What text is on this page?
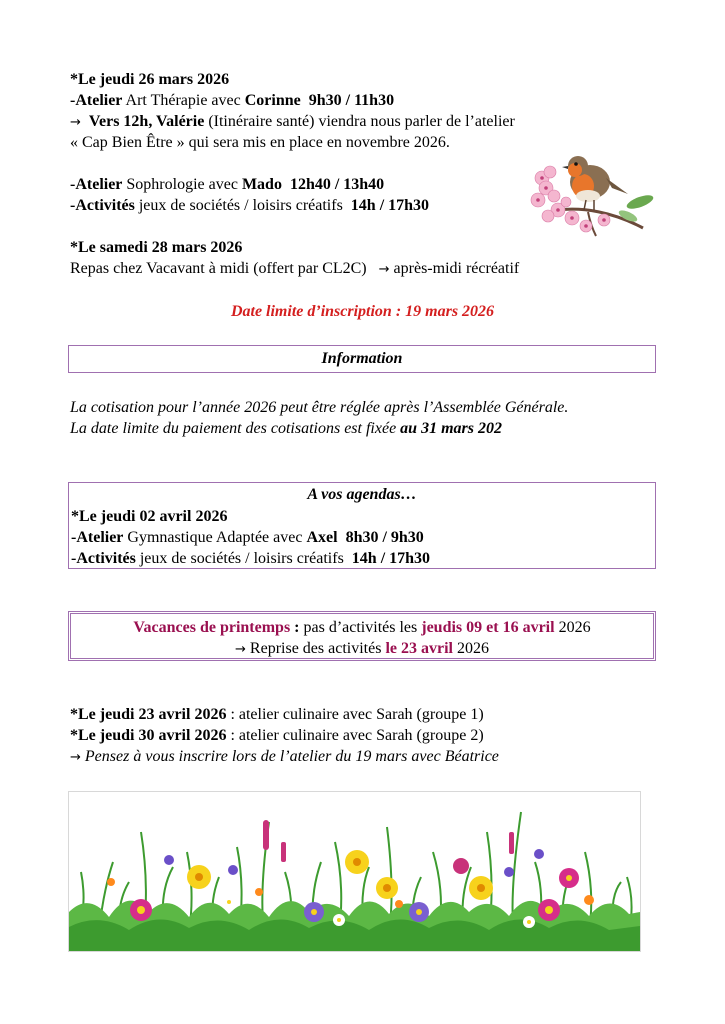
*Le jeudi 26 mars 2026
-Atelier Art Thérapie avec Corinne 9h30 / 11h30
→ Vers 12h, Valérie (Itinéraire santé) viendra nous parler de l’atelier
« Cap Bien Être » qui sera mis en place en novembre 2026.
-Atelier Sophrologie avec Mado 12h40 / 13h40
-Activités jeux de sociétés / loisirs créatifs  14h / 17h30
*Le samedi 28 mars 2026
Repas chez Vacavant à midi (offert par CL2C) → après-midi récréatif
Date limite d’inscription : 19 mars 2026
Information
La cotisation pour l’année 2026 peut être réglée après l’Assemblée Générale.
La date limite du paiement des cotisations est fixée au 31 mars 202
A vos agendas…
*Le jeudi 02 avril 2026
-Atelier Gymnastique Adaptée avec Axel 8h30 / 9h30
-Activités jeux de sociétés / loisirs créatifs  14h / 17h30
Vacances de printemps : pas d’activités les jeudis 09 et 16 avril 2026
→ Reprise des activités le 23 avril 2026
*Le jeudi 23 avril 2026 : atelier culinaire avec Sarah (groupe 1)
*Le jeudi 30 avril 2026 : atelier culinaire avec Sarah (groupe 2)
→ Pensez à vous inscrire lors de l’atelier du 19 mars avec Béatrice
